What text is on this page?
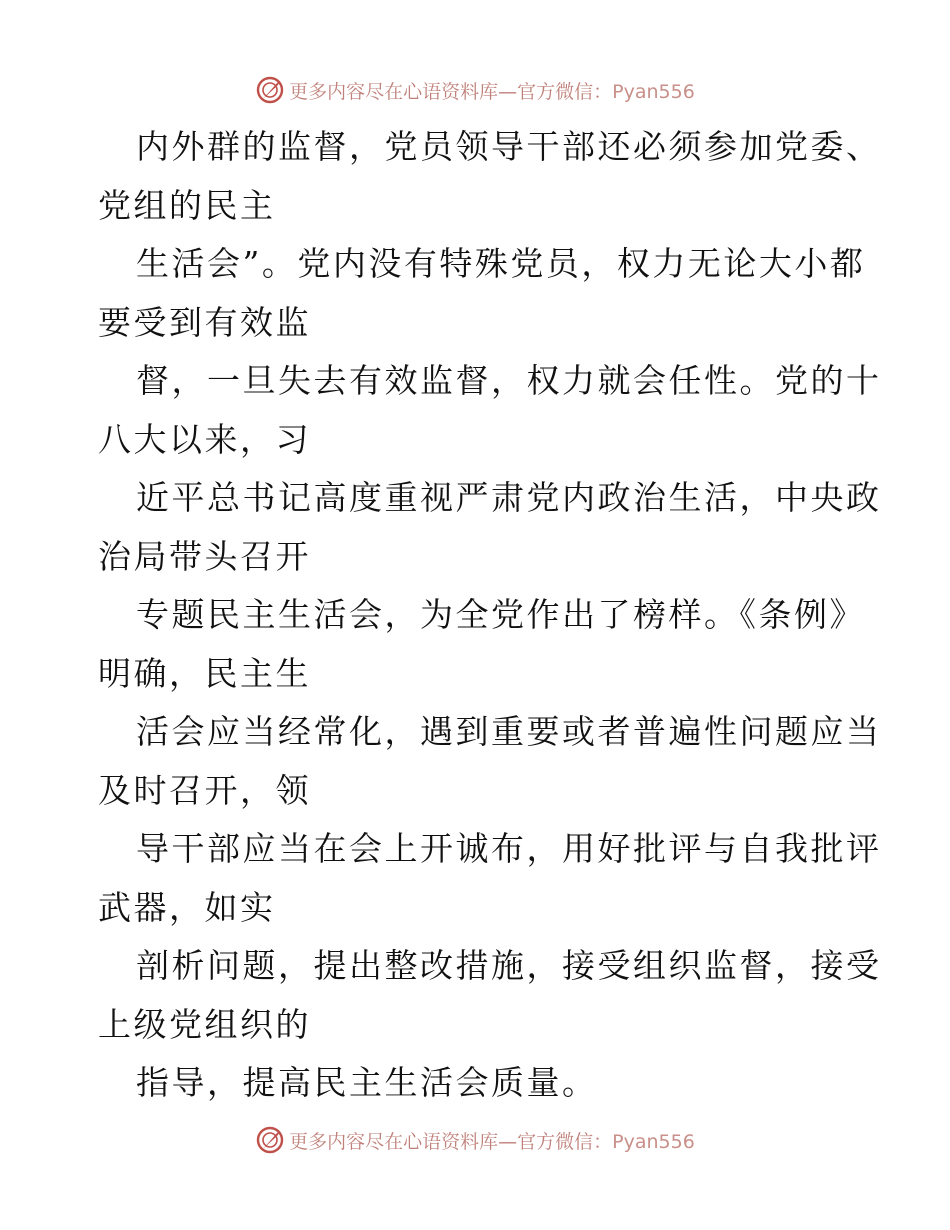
更多内容尽在心语资料库—官方微信：Pyan556
内外群的监督，党员领导干部还必须参加党委、
党组的民主
生活会”。党内没有特殊党员，权力无论大小都
要受到有效监
督，一旦失去有效监督，权力就会任性。党的十
八大以来，习
近平总书记高度重视严肃党内政治生活，中央政
治局带头召开
专题民主生活会，为全党作出了榜样。《条例》
明确，民主生
活会应当经常化，遇到重要或者普遍性问题应当
及时召开，领
导干部应当在会上开诚布，用好批评与自我批评
武器，如实
剖析问题，提出整改措施，接受组织监督，接受
上级党组织的
指导，提高民主生活会质量。
更多内容尽在心语资料库—官方微信：Pyan556
